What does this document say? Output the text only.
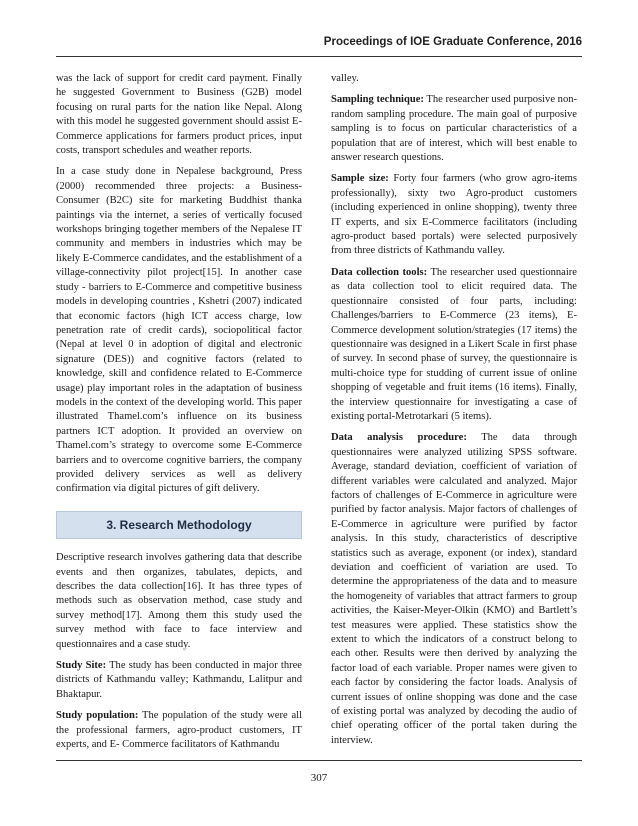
Proceedings of IOE Graduate Conference, 2016

was the lack of support for credit card payment. Finally he suggested Government to Business (G2B) model focusing on rural parts for the nation like Nepal. Along with this model he suggested government should assist E-Commerce applications for farmers product prices, input costs, transport schedules and weather reports.

In a case study done in Nepalese background, Press (2000) recommended three projects: a Business-Consumer (B2C) site for marketing Buddhist thanka paintings via the internet, a series of vertically focused workshops bringing together members of the Nepalese IT community and members in industries which may be likely E-Commerce candidates, and the establishment of a village-connectivity pilot project[15]. In another case study - barriers to E-Commerce and competitive business models in developing countries , Kshetri (2007) indicated that economic factors (high ICT access charge, low penetration rate of credit cards), sociopolitical factor (Nepal at level 0 in adoption of digital and electronic signature (DES)) and cognitive factors (related to knowledge, skill and confidence related to E-Commerce usage) play important roles in the adaptation of business models in the context of the developing world. This paper illustrated Thamel.com’s influence on its business partners ICT adoption. It provided an overview on Thamel.com’s strategy to overcome some E-Commerce barriers and to overcome cognitive barriers, the company provided delivery services as well as delivery confirmation via digital pictures of gift delivery.

3. Research Methodology

Descriptive research involves gathering data that describe events and then organizes, tabulates, depicts, and describes the data collection[16]. It has three types of methods such as observation method, case study and survey method[17]. Among them this study used the survey method with face to face interview and questionnaires and a case study.

Study Site: The study has been conducted in major three districts of Kathmandu valley; Kathmandu, Lalitpur and Bhaktapur.

Study population: The population of the study were all the professional farmers, agro-product customers, IT experts, and E- Commerce facilitators of Kathmandu

valley.

Sampling technique: The researcher used purposive non- random sampling procedure. The main goal of purposive sampling is to focus on particular characteristics of a population that are of interest, which will best enable to answer research questions.

Sample size: Forty four farmers (who grow agro-items professionally), sixty two Agro-product customers (including experienced in online shopping), twenty three IT experts, and six E-Commerce facilitators (including agro-product based portals) were selected purposively from three districts of Kathmandu valley.

Data collection tools: The researcher used questionnaire as data collection tool to elicit required data. The questionnaire consisted of four parts, including: Challenges/barriers to E-Commerce (23 items), E-Commerce development solution/strategies (17 items) the questionnaire was designed in a Likert Scale in first phase of survey. In second phase of survey, the questionnaire is multi-choice type for studding of current issue of online shopping of vegetable and fruit items (16 items). Finally, the interview questionnaire for investigating a case of existing portal-Metrotarkari (5 items).

Data analysis procedure: The data through questionnaires were analyzed utilizing SPSS software. Average, standard deviation, coefficient of variation of different variables were calculated and analyzed. Major factors of challenges of E-Commerce in agriculture were purified by factor analysis. Major factors of challenges of E-Commerce in agriculture were purified by factor analysis. In this study, characteristics of descriptive statistics such as average, exponent (or index), standard deviation and coefficient of variation are used. To determine the appropriateness of the data and to measure the homogeneity of variables that attract farmers to group activities, the Kaiser-Meyer-Olkin (KMO) and Bartlett’s test measures were applied. These statistics show the extent to which the indicators of a construct belong to each other. Results were then derived by analyzing the factor load of each variable. Proper names were given to each factor by considering the factor loads. Analysis of current issues of online shopping was done and the case of existing portal was analyzed by decoding the audio of chief operating officer of the portal taken during the interview.

307
